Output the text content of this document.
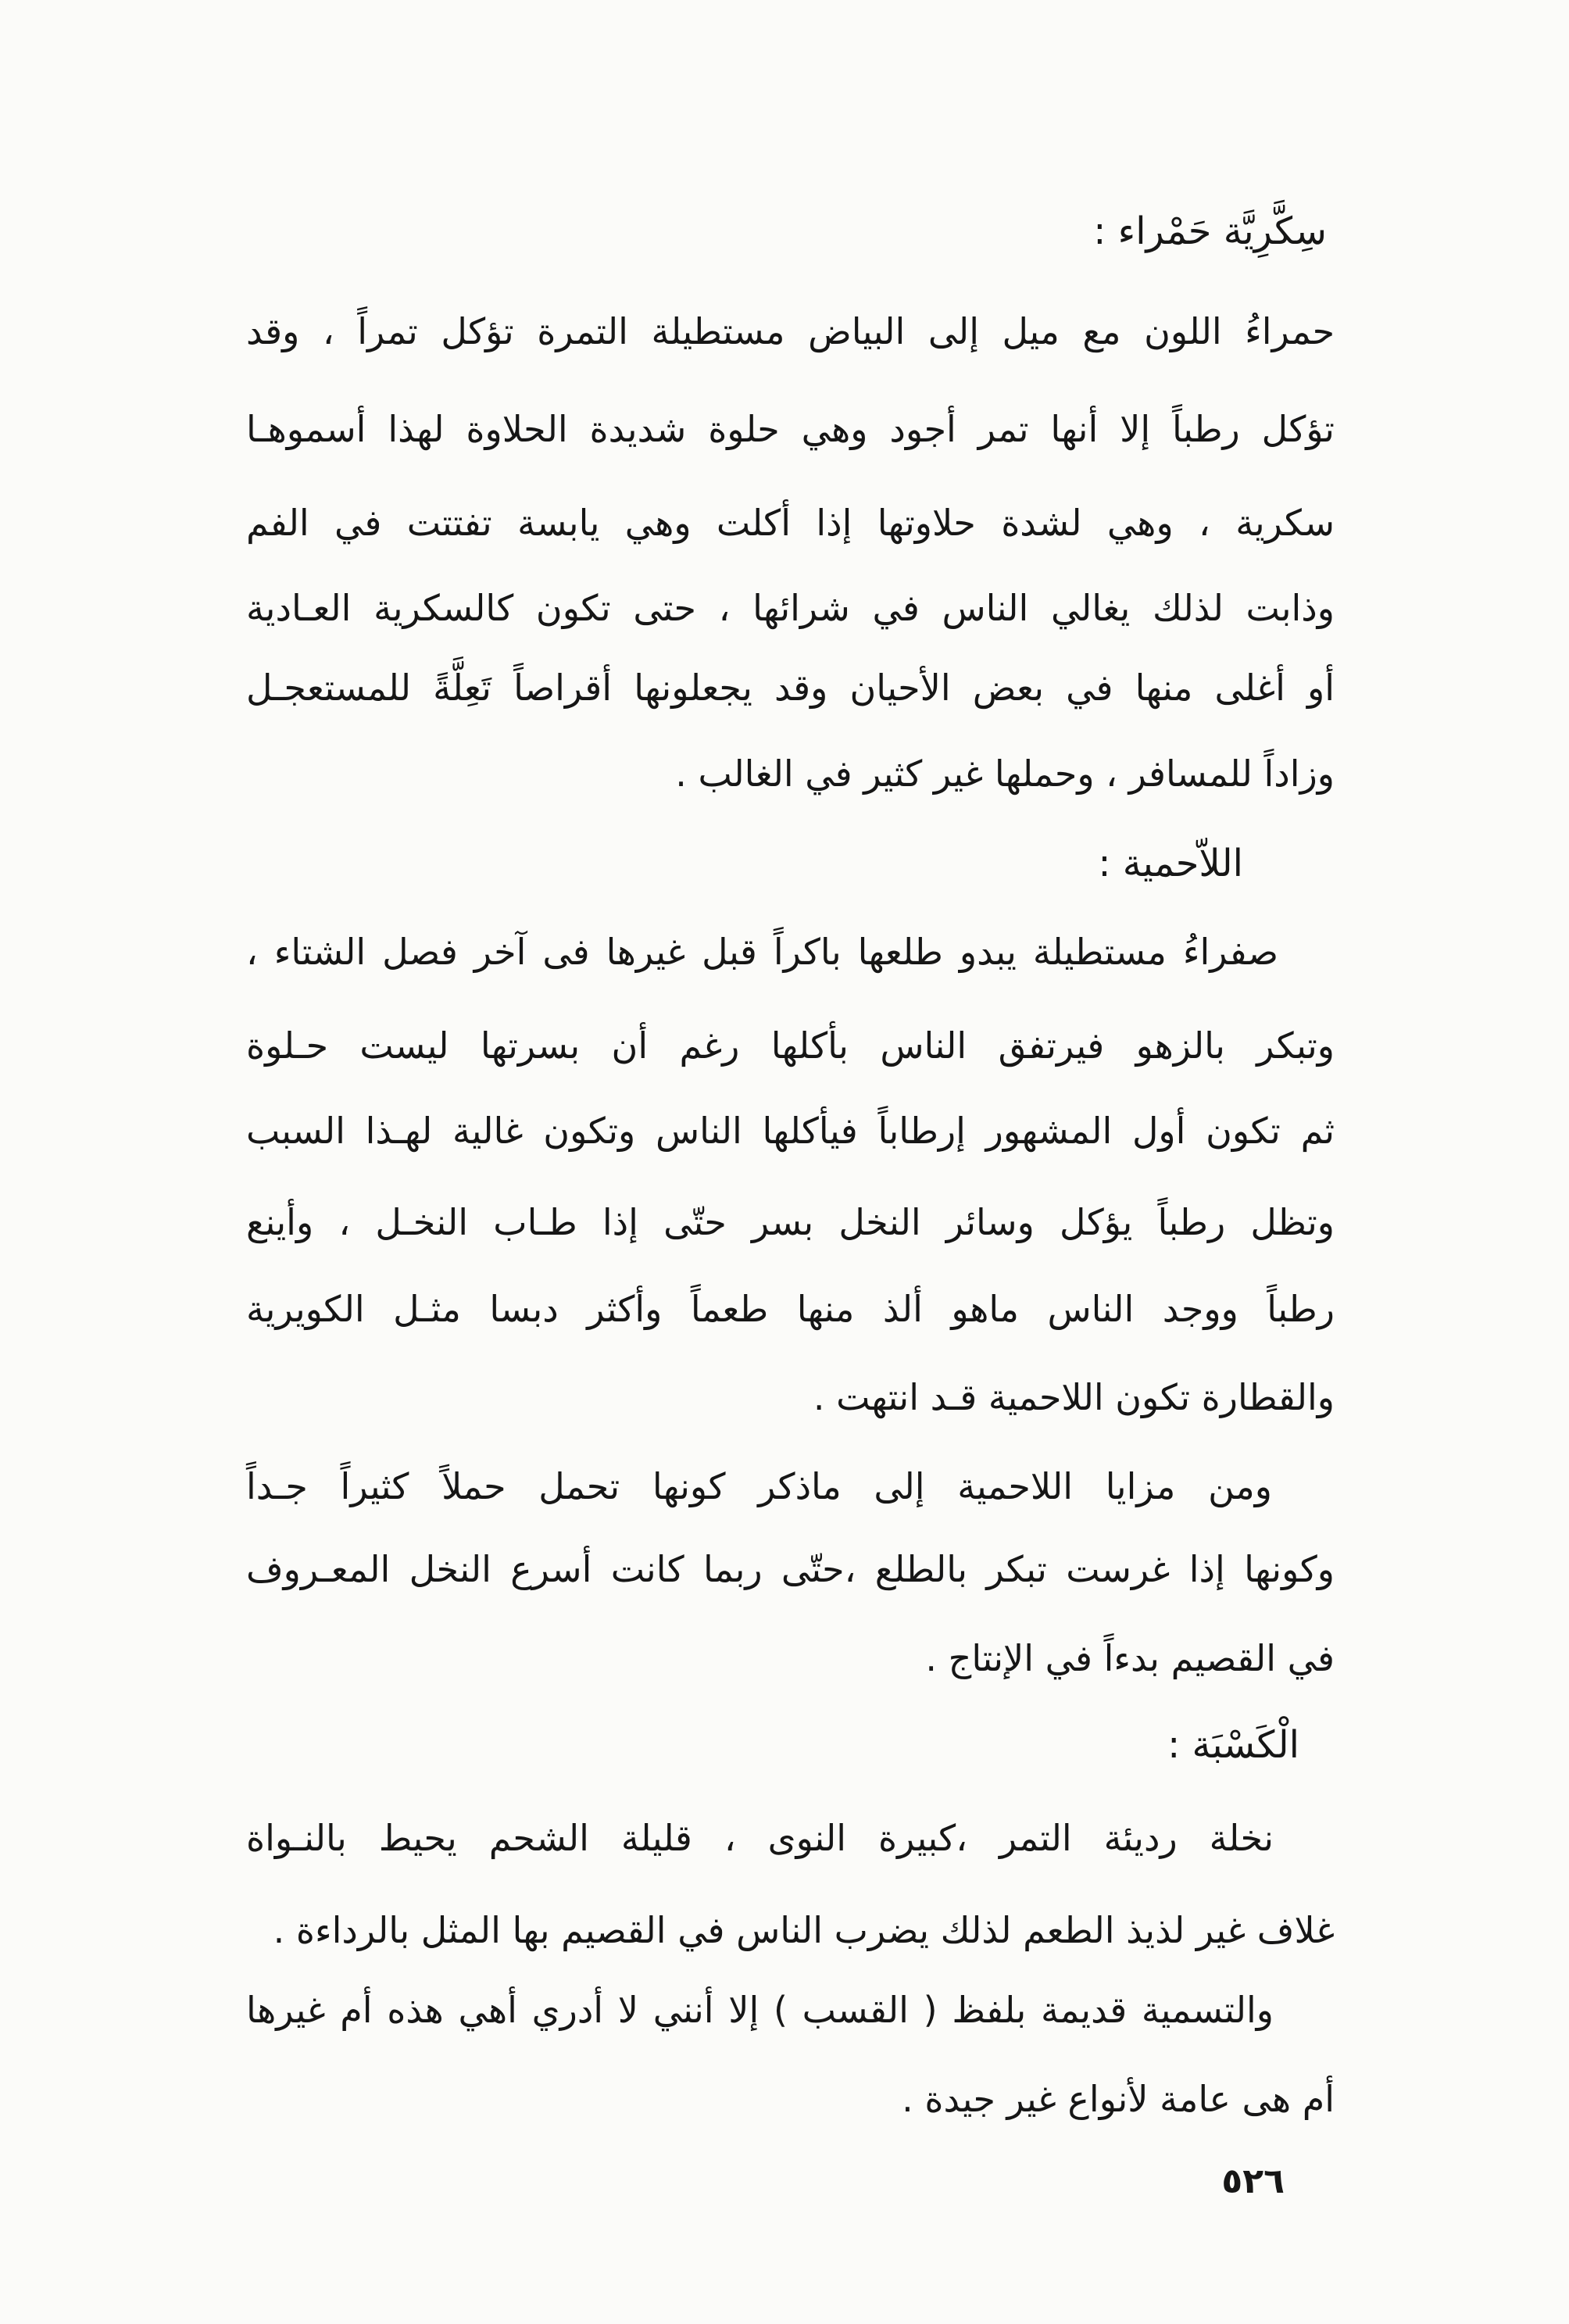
سِكَّرِيَّة حَمْراء :
حمراءُ اللون مع ميل إلى البياض مستطيلة التمرة تؤكل تمراً ، وقد
تؤكل رطباً إلا أنها تمر أجود وهي حلوة شديدة الحلاوة لهذا أسموهـا
سكرية ، وهي لشدة حلاوتها إذا أكلت وهي يابسة تفتتت في الفم
وذابت لذلك يغالي الناس في شرائها ، حتى تكون كالسكرية العـادية
أو أغلى منها في بعض الأحيان وقد يجعلونها أقراصاً تَعِلَّةً للمستعجـل
وزاداً للمسافر ، وحملها غير كثير في الغالب .
اللاّحمية :
صفراءُ مستطيلة يبدو طلعها باكراً قبل غيرها فى آخر فصل الشتاء ،
وتبكر بالزهو فيرتفق الناس بأكلها رغم أن بسرتها ليست حـلوة
ثم تكون أول المشهور إرطاباً فيأكلها الناس وتكون غالية لهـذا السبب
وتظل رطباً يؤكل وسائر النخل بسر حتّى إذا طـاب النخـل ، وأينع
رطباً ووجد الناس ماهو ألذ منها طعماً وأكثر دبسا مثـل الكويرية
والقطارة تكون اللاحمية قـد انتهت .
ومن مزايا اللاحمية إلى ماذكر كونها تحمل حملاً كثيراً جـداً
وكونها إذا غرست تبكر بالطلع ،حتّى ربما كانت أسرع النخل المعـروف
في القصيم بدءاً في الإنتاج .
الْكَسْبَة :
نخلة رديئة التمر ،كبيرة النوى ، قليلة الشحم يحيط بالنـواة
غلاف غير لذيذ الطعم لذلك يضرب الناس في القصيم بها المثل بالرداءة .
والتسمية قديمة بلفظ ( القسب ) إلا أنني لا أدري أهي هذه أم غيرها
أم هى عامة لأنواع غير جيدة .
٥٢٦
